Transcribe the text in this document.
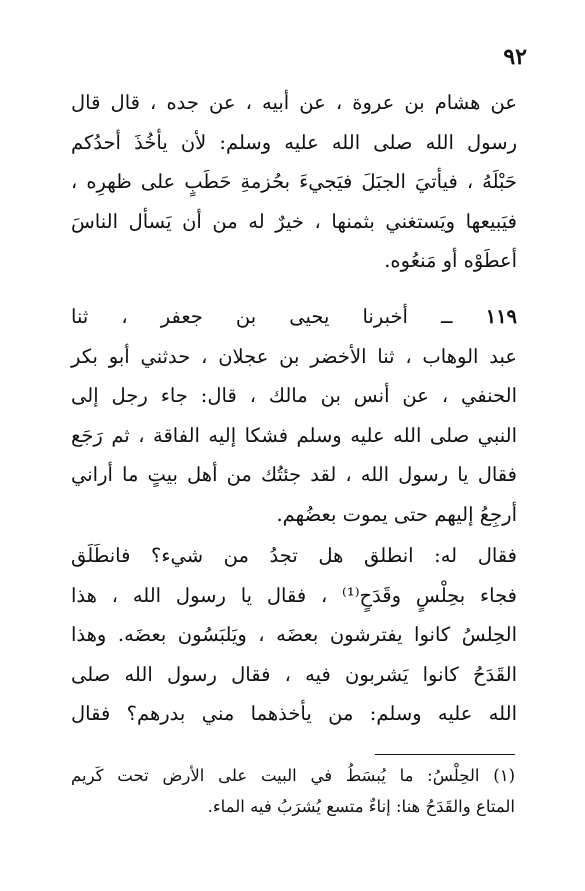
٩٢
عن هشام بن عروة ، عن أبيه ، عن جده ، قال قال
رسول الله صلى الله عليه وسلم: لأن يأخُذَ أحدُكم
حَبْلَهُ ، فيأتيَ الجبَلَ فيَجيءَ بحُزمةِ حَطَبٍ على ظهرِه ،
فيَبيعها ويَستغني بثمنها ، خيرٌ له من أن يَسأل الناسَ
أعطَوْه أو مَنعُوه.
١١٩ ــ أخبرنا يحيى بن جعفر ، ثنا
عبد الوهاب ، ثنا الأخضر بن عجلان ، حدثني أبو بكر
الحنفي ، عن أنس بن مالك ، قال: جاء رجل إلى
النبي صلى الله عليه وسلم فشكا إليه الفاقة ، ثم رَجَع
فقال يا رسول الله ، لقد جئتُك من أهل بيتٍ ما أراني
أرجِعُ إليهم حتى يموت بعضُهم.
فقال له: انطلق هل تجدُ من شيء؟ فانطَلَق
فجاء بحِلْسٍ وقَدَحٍ⁽¹⁾ ، فقال يا رسول الله ، هذا
الحِلسُ كانوا يفترشون بعضَه ، ويَلبَسُون بعضَه. وهذا
القَدَحُ كانوا يَشربون فيه ، فقال رسول الله صلى
الله عليه وسلم: من يأخذهما مني بدرهم؟ فقال
(١) الحِلْسُ: ما يُبسَطُ في البيت على الأرض تحت كَريم
المتاع والقَدَحُ هنا: إناءٌ متسع يُشرَبُ فيه الماء.
